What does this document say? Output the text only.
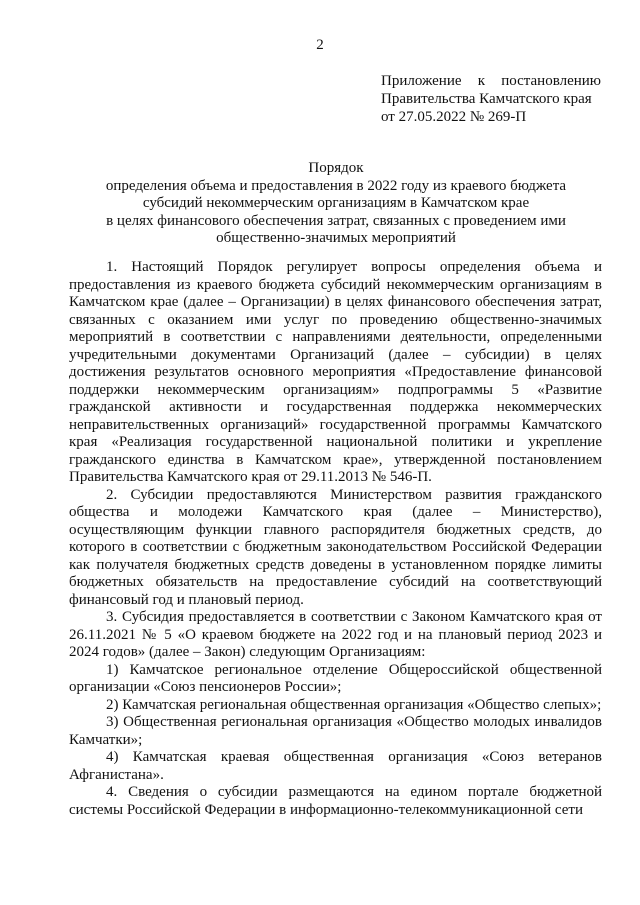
2
Приложение к постановлению
Правительства Камчатского края
от 27.05.2022 № 269-П
Порядок
определения объема и предоставления в 2022 году из краевого бюджета
субсидий некоммерческим организациям в Камчатском крае
в целях финансового обеспечения затрат, связанных с проведением ими
общественно-значимых мероприятий

1. Настоящий Порядок регулирует вопросы определения объема и предоставления из краевого бюджета субсидий некоммерческим организациям в Камчатском крае (далее – Организации) в целях финансового обеспечения затрат, связанных с оказанием ими услуг по проведению общественно-значимых мероприятий в соответствии с направлениями деятельности, определенными учредительными документами Организаций (далее – субсидии) в целях достижения результатов основного мероприятия «Предоставление финансовой поддержки некоммерческим организациям» подпрограммы 5 «Развитие гражданской активности и государственная поддержка некоммерческих неправительственных организаций» государственной программы Камчатского края «Реализация государственной национальной политики и укрепление гражданского единства в Камчатском крае», утвержденной постановлением Правительства Камчатского края от 29.11.2013 № 546-П.

2. Субсидии предоставляются Министерством развития гражданского общества и молодежи Камчатского края (далее – Министерство), осуществляющим функции главного распорядителя бюджетных средств, до которого в соответствии с бюджетным законодательством Российской Федерации как получателя бюджетных средств доведены в установленном порядке лимиты бюджетных обязательств на предоставление субсидий на соответствующий финансовый год и плановый период.

3. Субсидия предоставляется в соответствии с Законом Камчатского края от 26.11.2021 № 5 «О краевом бюджете на 2022 год и на плановый период 2023 и 2024 годов» (далее – Закон) следующим Организациям:

1) Камчатское региональное отделение Общероссийской общественной организации «Союз пенсионеров России»;

2) Камчатская региональная общественная организация «Общество слепых»;

3) Общественная региональная организация «Общество молодых инвалидов Камчатки»;

4) Камчатская краевая общественная организация «Союз ветеранов Афганистана».

4. Сведения о субсидии размещаются на едином портале бюджетной системы Российской Федерации в информационно-телекоммуникационной сети
